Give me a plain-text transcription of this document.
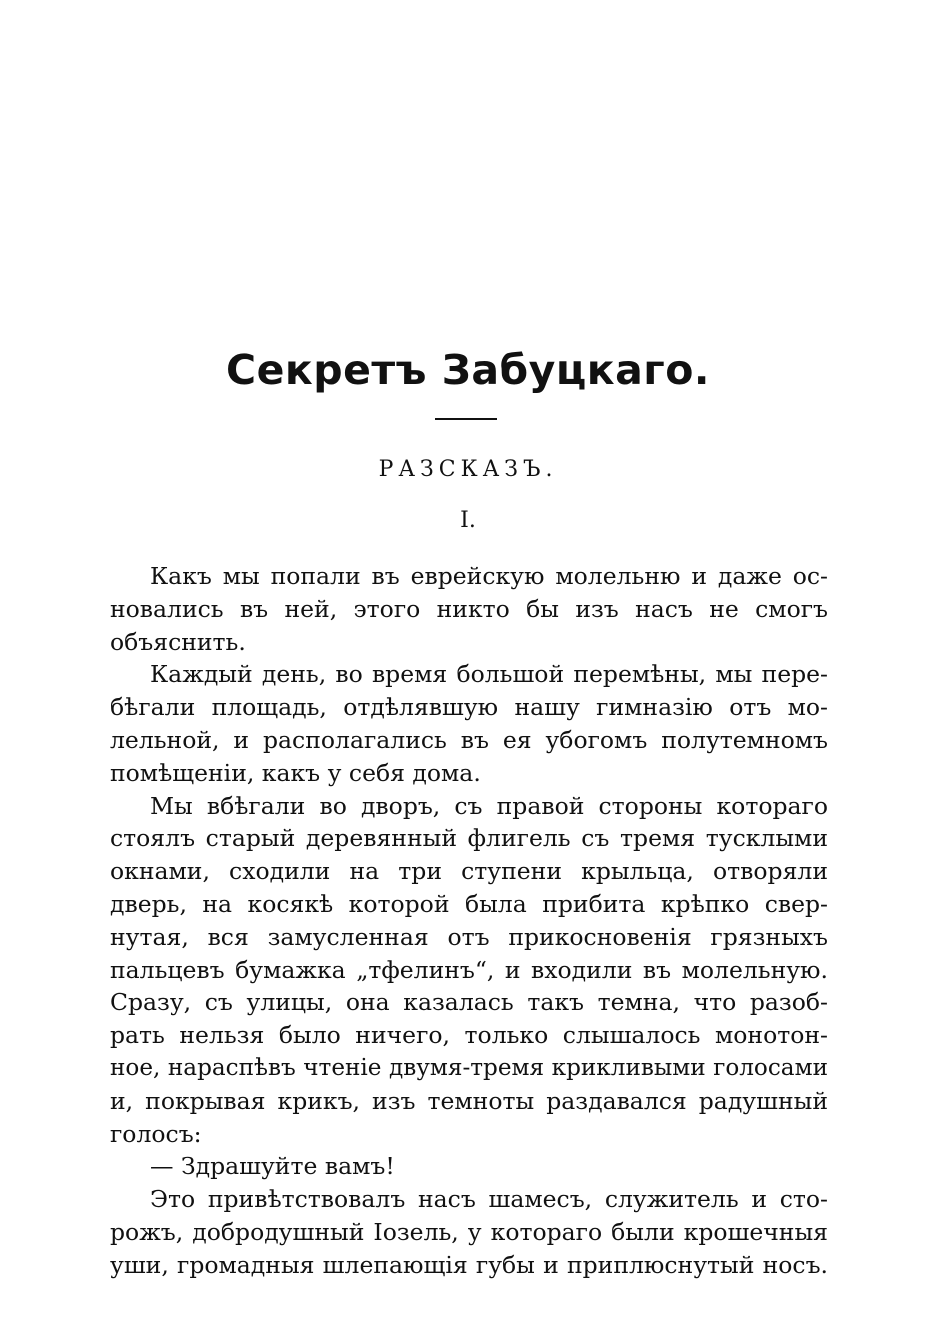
Секретъ Забуцкаго.
РАЗСКАЗЪ.
I.
Какъ мы попали въ еврейскую молельню и даже ос-
новались въ ней, этого никто бы изъ насъ не смогъ
объяснить.
Каждый день, во время большой перемѣны, мы пере-
бѣгали площадь, отдѣлявшую нашу гимназію отъ мо-
лельной, и располагались въ ея убогомъ полутемномъ
помѣщеніи, какъ у себя дома.
Мы вбѣгали во дворъ, съ правой стороны котораго
стоялъ старый деревянный флигель съ тремя тусклыми
окнами, сходили на три ступени крыльца, отворяли
дверь, на косякѣ которой была прибита крѣпко свер-
нутая, вся замусленная отъ прикосновенія грязныхъ
пальцевъ бумажка „тфелинъ“, и входили въ молельную.
Сразу, съ улицы, она казалась такъ темна, что разоб-
рать нельзя было ничего, только слышалось монотон-
ное, нараспѣвъ чтеніе двумя-тремя крикливыми голосами
и, покрывая крикъ, изъ темноты раздавался радушный
голосъ:
— Здрашуйте вамъ!
Это привѣтствовалъ насъ шамесъ, служитель и сто-
рожъ, добродушный Іозель, у котораго были крошечныя
уши, громадныя шлепающія губы и приплюснутый носъ.
